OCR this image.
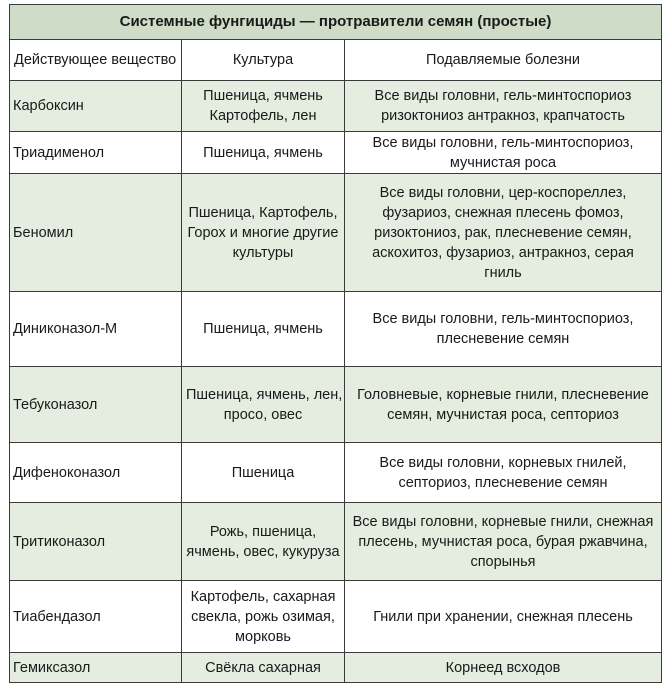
Системные фунгициды — протравители семян (простые)		
Действующее вещество	Культура	Подавляемые болезни
Карбоксин	Пшеница, ячмень
Картофель, лен	Все виды головни, гель-минтоспориоз
ризоктониоз антракноз, крапчатость

Триадименол	Пшеница, ячмень	Все виды головни, гель-минтоспориоз,
мучнистая роса

Беномил	Пшеница, Картофель,
Горох и многие другие
культуры	Все виды головни, цер-коспореллез,
фузариоз, снежная плесень фомоз,
ризоктониоз, рак, плесневение семян,
аскохитоз, фузариоз, антракноз, серая
гниль

Диниконазол-М	Пшеница, ячмень	Все виды головни, гель-минтоспориоз,
плесневение семян

Тебуконазол	Пшеница, ячмень, лен,
просо, овес	Головневые, корневые гнили, плесневение
семян, мучнистая роса, септориоз

Дифеноконазол	Пшеница	Все виды головни, корневых гнилей,
септориоз, плесневение семян

Тритиконазол	Рожь, пшеница,
ячмень, овес, кукуруза	Все виды головни, корневые гнили, снежная
плесень, мучнистая роса, бурая ржавчина,
спорынья

Тиабендазол	Картофель, сахарная
свекла, рожь озимая,
морковь	Гнили при хранении, снежная плесень

Гемиксазол	Свёкла сахарная	Корнеед всходов
